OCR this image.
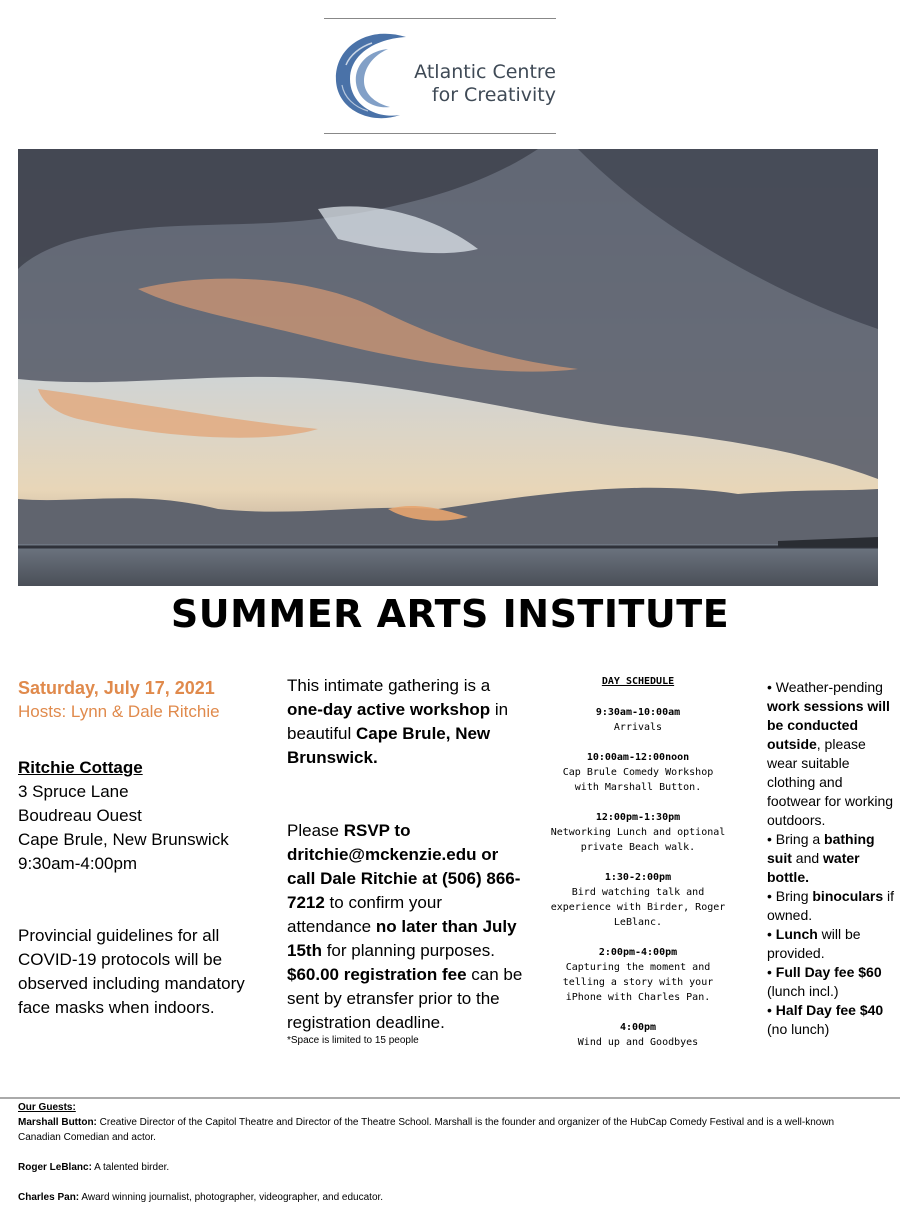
Atlantic Centre
for Creativity
SUMMER ARTS INSTITUTE
Saturday, July 17, 2021
Hosts: Lynn & Dale Ritchie
Ritchie Cottage
3 Spruce Lane
Boudreau Ouest
Cape Brule, New Brunswick
9:30am-4:00pm
Provincial guidelines for all COVID-19 protocols will be observed including mandatory face masks when indoors.
This intimate gathering is a one-day active workshop in beautiful Cape Brule, New Brunswick.
Please RSVP to dritchie@mckenzie.edu or call Dale Ritchie at (506) 866-7212 to confirm your attendance no later than July 15th for planning purposes. $60.00 registration fee can be sent by etransfer prior to the registration deadline.
*Space is limited to 15 people
DAY SCHEDULE
9:30am-10:00am
Arrivals
10:00am-12:00noon
Cap Brule Comedy Workshop with Marshall Button.
12:00pm-1:30pm
Networking Lunch and optional private Beach walk.
1:30-2:00pm
Bird watching talk and experience with Birder, Roger LeBlanc.
2:00pm-4:00pm
Capturing the moment and telling a story with your iPhone with Charles Pan.
4:00pm
Wind up and Goodbyes
• Weather-pending work sessions will be conducted outside, please wear suitable clothing and footwear for working outdoors.
• Bring a bathing suit and water bottle.
• Bring binoculars if owned.
• Lunch will be provided.
• Full Day fee $60 (lunch incl.)
• Half Day fee $40 (no lunch)
Our Guests:
Marshall Button: Creative Director of the Capitol Theatre and Director of the Theatre School. Marshall is the founder and organizer of the HubCap Comedy Festival and is a well-known Canadian Comedian and actor.
Roger LeBlanc: A talented birder.
Charles Pan: Award winning journalist, photographer, videographer, and educator.
